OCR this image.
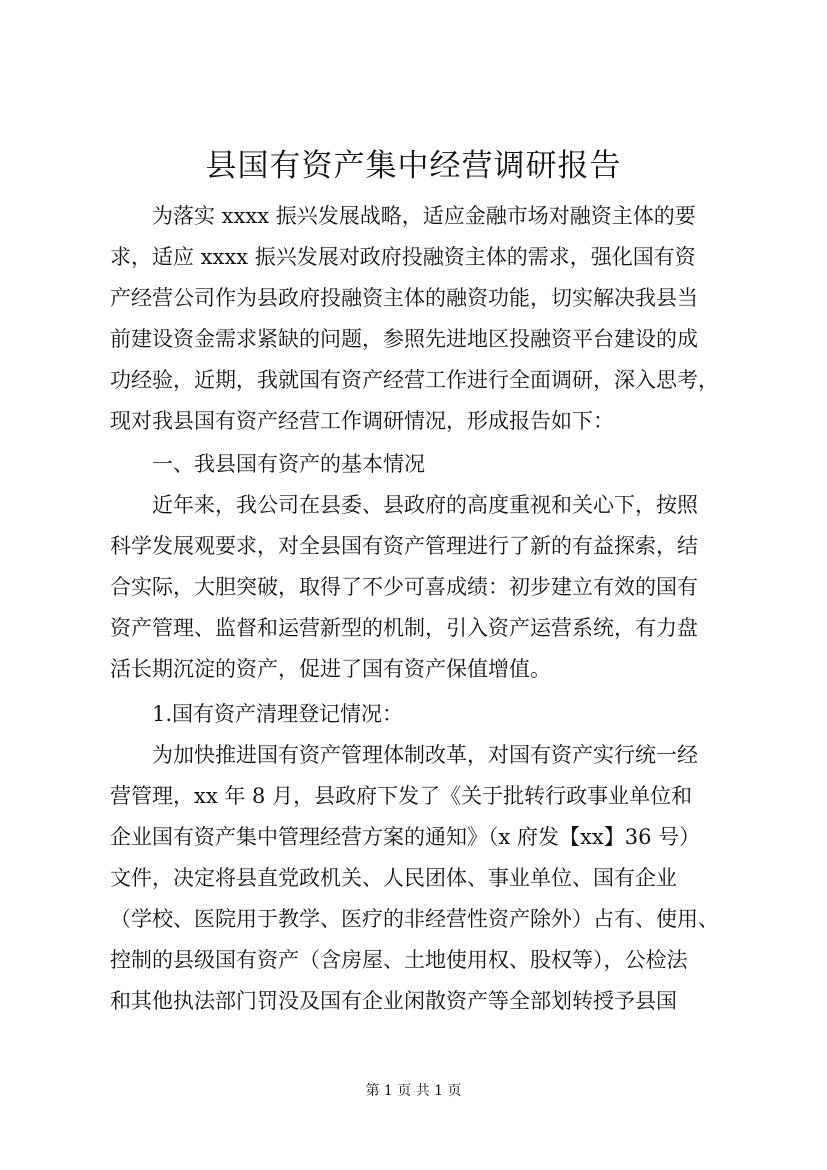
县国有资产集中经营调研报告

为落实 xxxx 振兴发展战略，适应金融市场对融资主体的要

求，适应 xxxx 振兴发展对政府投融资主体的需求，强化国有资

产经营公司作为县政府投融资主体的融资功能，切实解决我县当

前建设资金需求紧缺的问题，参照先进地区投融资平台建设的成

功经验，近期，我就国有资产经营工作进行全面调研，深入思考，

现对我县国有资产经营工作调研情况，形成报告如下：

一、我县国有资产的基本情况

近年来，我公司在县委、县政府的高度重视和关心下，按照

科学发展观要求，对全县国有资产管理进行了新的有益探索，结

合实际，大胆突破，取得了不少可喜成绩：初步建立有效的国有

资产管理、监督和运营新型的机制，引入资产运营系统，有力盘

活长期沉淀的资产，促进了国有资产保值增值。

1.国有资产清理登记情况：

为加快推进国有资产管理体制改革，对国有资产实行统一经

营管理，xx 年 8 月，县政府下发了《关于批转行政事业单位和

企业国有资产集中管理经营方案的通知》（x 府发【xx】36 号）

文件，决定将县直党政机关、人民团体、事业单位、国有企业

（学校、医院用于教学、医疗的非经营性资产除外）占有、使用、

控制的县级国有资产（含房屋、土地使用权、股权等），公检法

和其他执法部门罚没及国有企业闲散资产等全部划转授予县国

第 1 页 共 1 页
